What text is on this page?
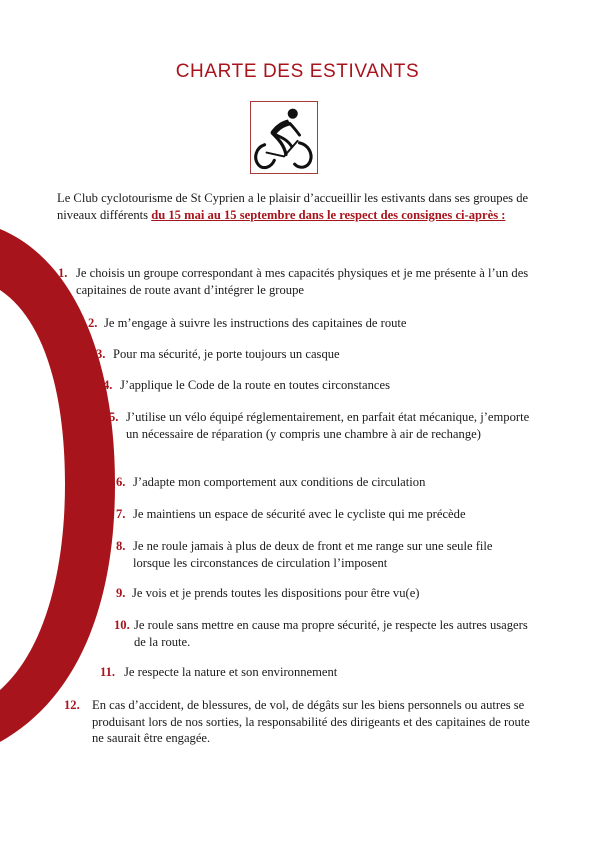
CHARTE DES ESTIVANTS
Le Club cyclotourisme de St Cyprien a le plaisir d’accueillir les estivants dans ses groupes de niveaux différents du 15 mai au 15 septembre dans le respect des consignes ci-après :
1. Je choisis un groupe correspondant à mes capacités physiques et je me présente à l’un des capitaines de route avant d’intégrer le groupe
2. Je m’engage à suivre les instructions des capitaines de route
3. Pour ma sécurité, je porte toujours un casque
4. J’applique le Code de la route en toutes circonstances
5. J’utilise un vélo équipé réglementairement, en parfait état mécanique, j’emporte un nécessaire de réparation (y compris une chambre à air de rechange)
6. J’adapte mon comportement aux conditions de circulation
7. Je maintiens un espace de sécurité avec le cycliste qui me précède
8. Je ne roule jamais à plus de deux de front et me range sur une seule file lorsque les circonstances de circulation l’imposent
9. Je vois et je prends toutes les dispositions pour être vu(e)
10. Je roule sans mettre en cause ma propre sécurité, je respecte les autres usagers de la route.
11. Je respecte la nature et son environnement
12. En cas d’accident, de blessures, de vol, de dégâts sur les biens personnels ou autres se produisant lors de nos sorties, la responsabilité des dirigeants et des capitaines de route ne saurait être engagée.
